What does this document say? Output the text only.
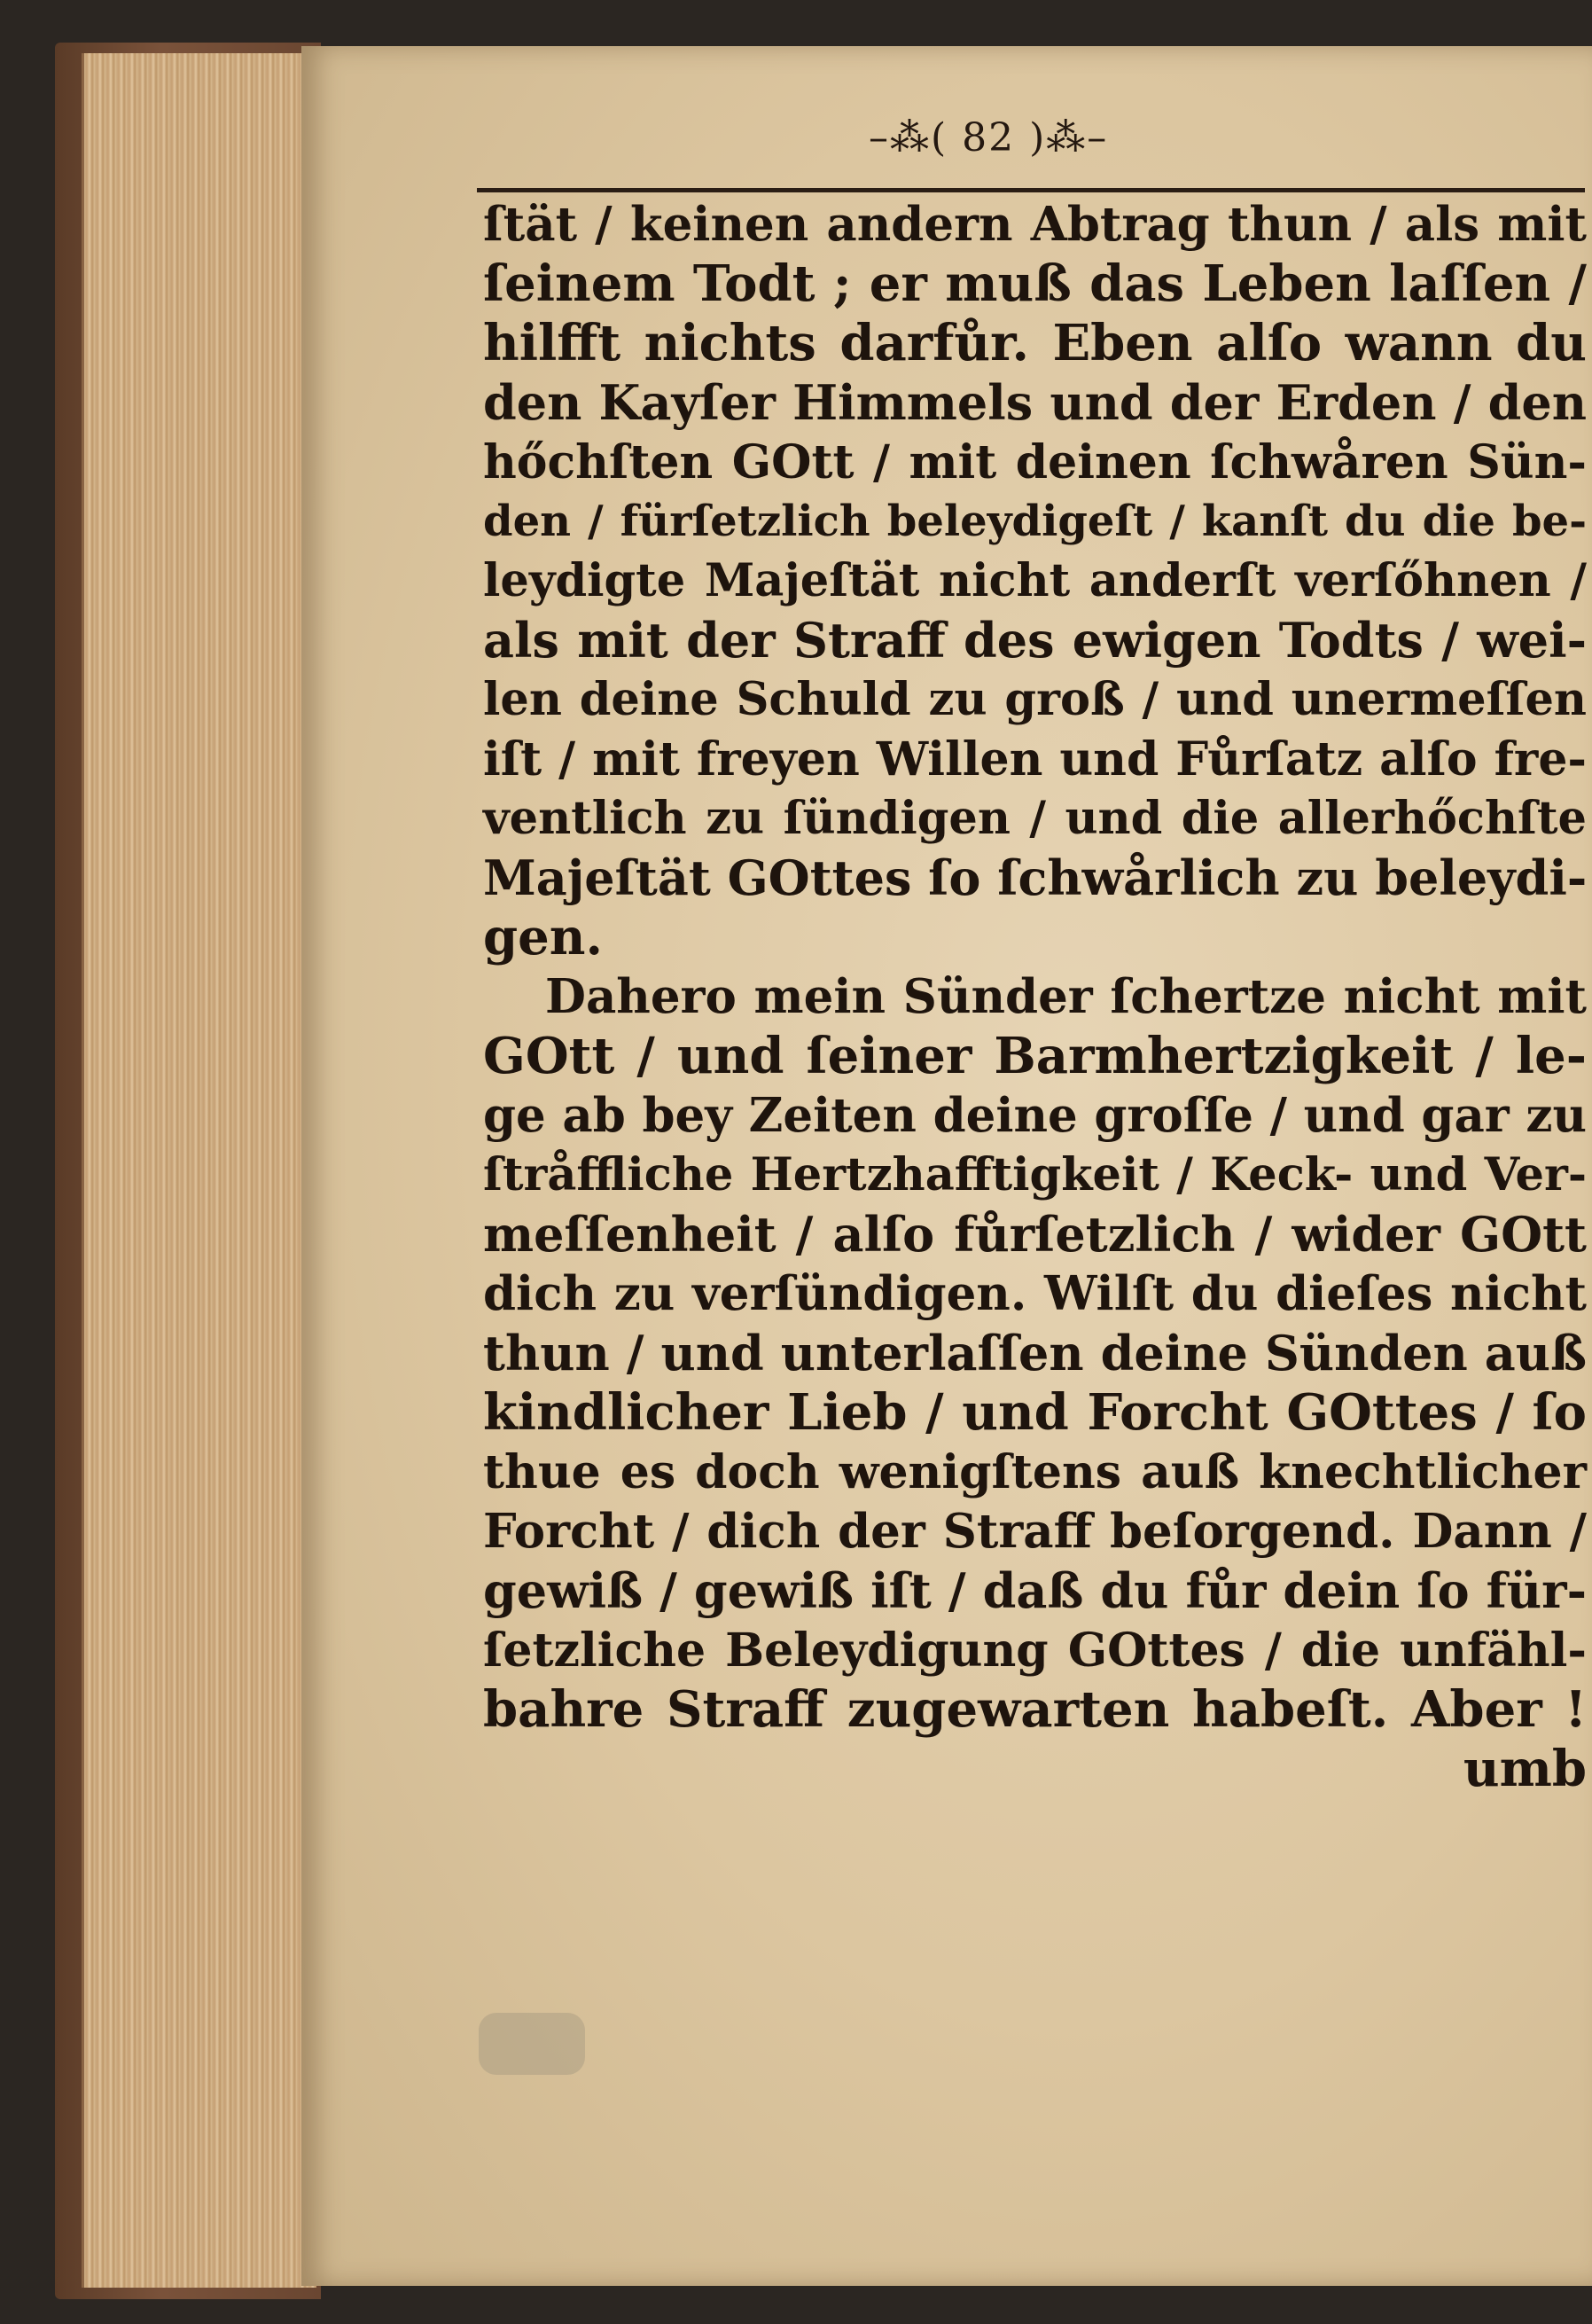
–⁂( 82 )⁂–
ſtät / keinen andern Abtrag thun / als mit
ſeinem Todt ; er muß das Leben laſſen /
hilfft nichts darfůr. Eben alſo wann du
den Kayſer Himmels und der Erden / den
hőchſten GOtt / mit deinen ſchwåren Sün-
den / fürſetzlich beleydigeſt / kanſt du die be-
leydigte Majeſtät nicht anderſt verſőhnen /
als mit der Straff des ewigen Todts / wei-
len deine Schuld zu groß / und unermeſſen
iſt / mit freyen Willen und Fůrſatz alſo fre-
ventlich zu ſündigen / und die allerhőchſte
Majeſtät GOttes ſo ſchwårlich zu beleydi-
gen.
Dahero mein Sünder ſchertze nicht mit
GOtt / und ſeiner Barmhertzigkeit / le-
ge ab bey Zeiten deine groſſe / und gar zu
ſtråffliche Hertzhafftigkeit / Keck- und Ver-
meſſenheit / alſo fůrſetzlich / wider GOtt
dich zu verſündigen. Wilſt du dieſes nicht
thun / und unterlaſſen deine Sünden auß
kindlicher Lieb / und Forcht GOttes / ſo
thue es doch wenigſtens auß knechtlicher
Forcht / dich der Straff beſorgend. Dann /
gewiß / gewiß iſt / daß du fůr dein ſo für-
ſetzliche Beleydigung GOttes / die unfähl-
bahre Straff zugewarten habeſt. Aber !
umb
